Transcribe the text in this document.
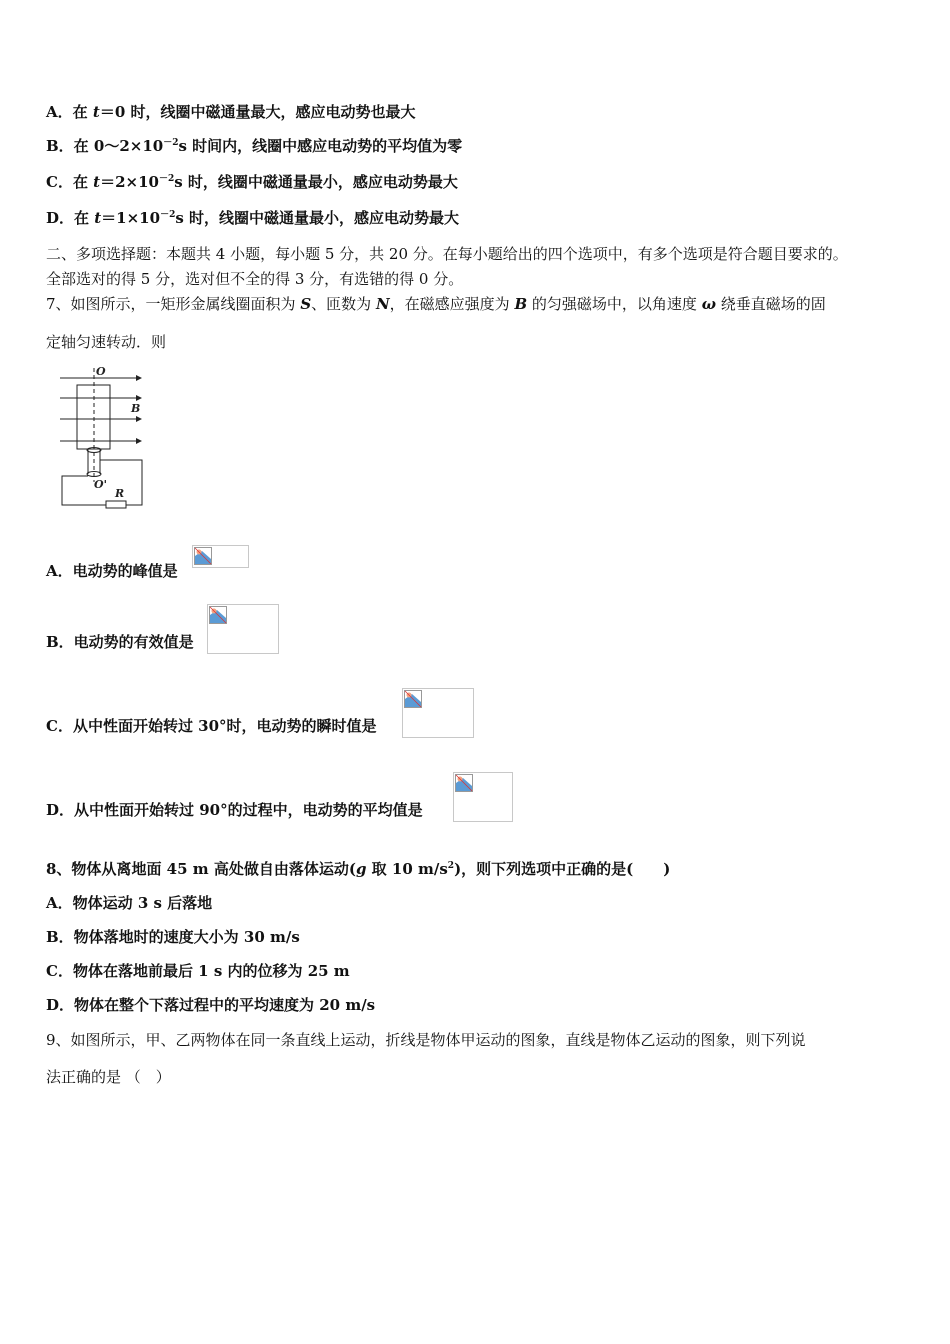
A．在 t＝0 时，线圈中磁通量最大，感应电动势也最大
B．在 $0\sim 2\times 10^{-2}s$ 时间内，线圈中感应电动势的平均值为零
C．在 $t=2\times 10^{-2}s$ 时，线圈中磁通量最小，感应电动势最大
D．在 $t=1\times 10^{-2}s$ 时，线圈中磁通量最小，感应电动势最大
二、多项选择题：本题共 4 小题，每小题 5 分，共 20 分。在每小题给出的四个选项中，有多个选项是符合题目要求的。
全部选对的得 5 分，选对但不全的得 3 分，有选错的得 0 分。
7、如图所示，一矩形金属线圈面积为 S、匝数为 N，在磁感应强度为 B 的匀强磁场中，以角速度 ω 绕垂直磁场的固
定轴匀速转动．则
O
B
O'
R
A．电动势的峰值是
B．电动势的有效值是
C．从中性面开始转过 30°时，电动势的瞬时值是
D．从中性面开始转过 90°的过程中，电动势的平均值是
8、物体从离地面 45 m 高处做自由落体运动(g 取 10 $m/s^2$)，则下列选项中正确的是(　　)
A．物体运动 3 s 后落地
B．物体落地时的速度大小为 30 m/s
C．物体在落地前最后 1 s 内的位移为 25 m
D．物体在整个下落过程中的平均速度为 20 m/s
9、如图所示，甲、乙两物体在同一条直线上运动，折线是物体甲运动的图象，直线是物体乙运动的图象，则下列说
法正确的是 （　）
